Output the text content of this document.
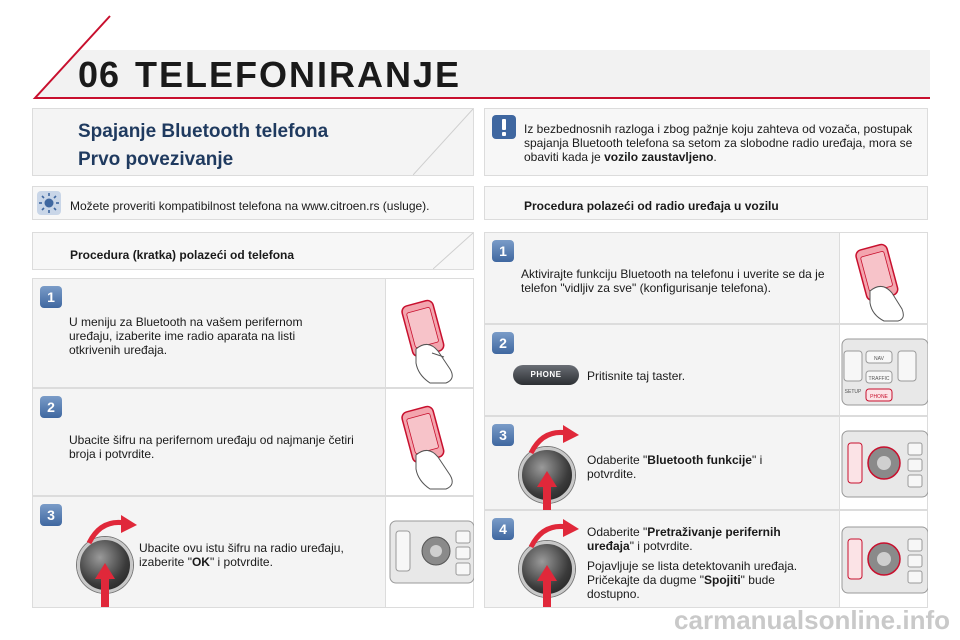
06 TELEFONIRANJE
Spajanje Bluetooth telefona
Prvo povezivanje
Iz bezbednosnih razloga i zbog pažnje koju zahteva od vozača, postupak spajanja Bluetooth telefona sa setom za slobodne radio uređaja, mora se obaviti kada je vozilo zaustavljeno.
Možete proveriti kompatibilnost telefona na www.citroen.rs (usluge).	Procedura polazeći od radio uređaja u vozilu
Procedura (kratka) polazeći od telefona
1
U meniju za Bluetooth na vašem perifernom uređaju, izaberite ime radio aparata na listi otkrivenih uređaja.
2
Ubacite šifru na perifernom uređaju od najmanje četiri broja i potvrdite.
3
Ubacite ovu istu šifru na radio uređaju, izaberite "OK" i potvrdite.
1
Aktivirajte funkciju Bluetooth na telefonu i uverite se da je telefon "vidljiv za sve" (konfigurisanje telefona).
2
PHONE	Pritisnite taj taster.
NAV
TRAFFIC
SETUP
PHONE
3
Odaberite "Bluetooth funkcije" i potvrdite.
4	Odaberite "Pretraživanje perifernih uređaja" i potvrdite.
Pojavljuje se lista detektovanih uređaja. Pričekajte da dugme "Spojiti" bude dostupno.
carmanualsonline.info
